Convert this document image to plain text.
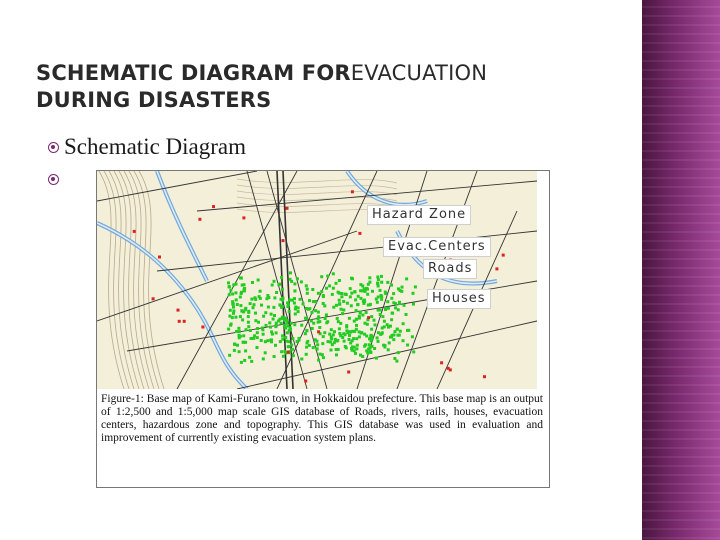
SCHEMATIC DIAGRAM FOREVACUATION
DURING DISASTERS
Schematic Diagram
Hazard Zone
Evac.Centers
Roads
Houses
Figure-1: Base map of Kami-Furano town, in Hokkaidou prefecture. This base map is an output of 1:2,500 and 1:5,000 map scale GIS database of Roads, rivers, rails, houses, evacuation centers, hazardous zone and topography. This GIS database was used in evaluation and improvement of currently existing evacuation system plans.
